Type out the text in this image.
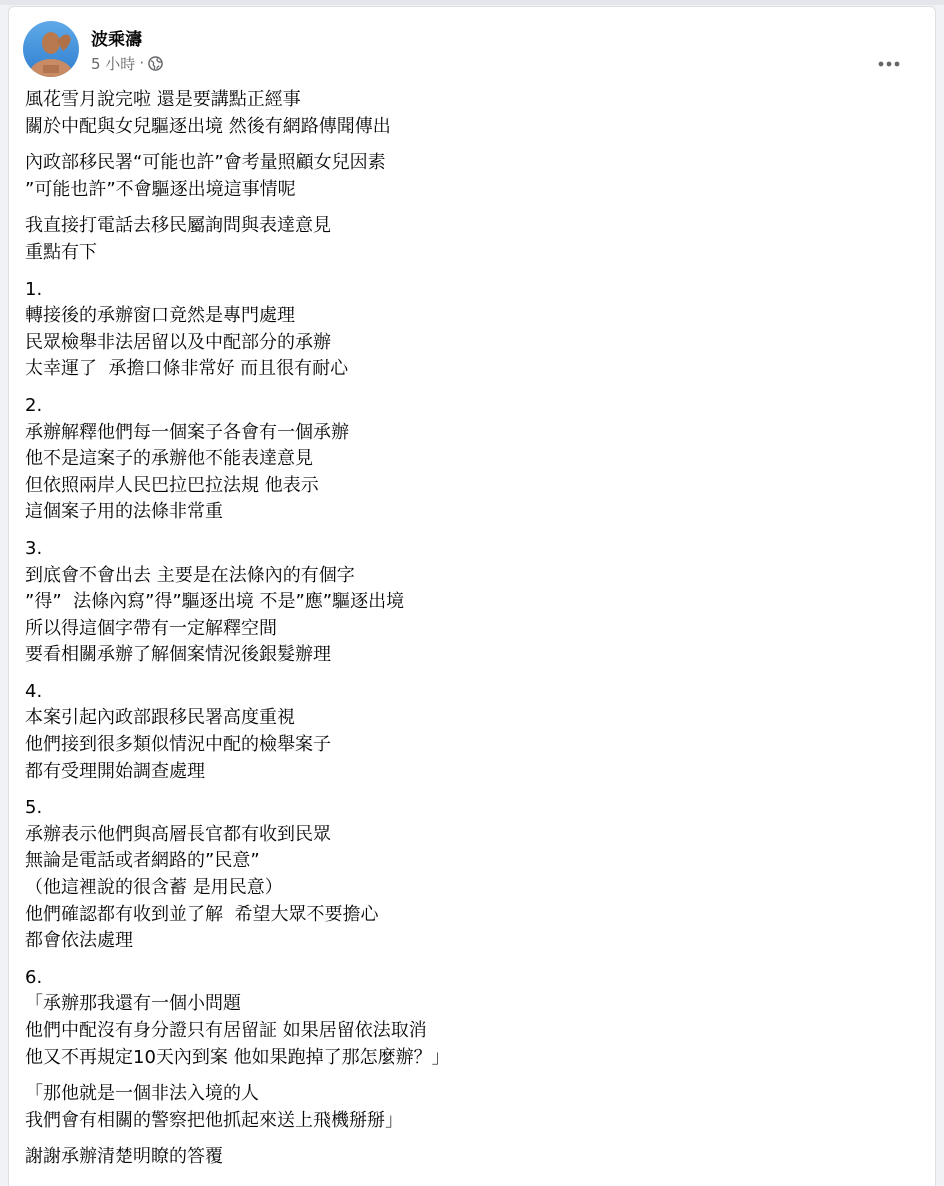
波乘濤
5 小時 ·
風花雪月說完啦 還是要講點正經事
關於中配與女兒驅逐出境 然後有網路傳聞傳出
內政部移民署“可能也許”會考量照顧女兒因素
”可能也許”不會驅逐出境這事情呢
我直接打電話去移民屬詢問與表達意見
重點有下
1.
轉接後的承辦窗口竟然是專門處理
民眾檢舉非法居留以及中配部分的承辦
太幸運了  承擔口條非常好 而且很有耐心
2.
承辦解釋他們每一個案子各會有一個承辦
他不是這案子的承辦他不能表達意見
但依照兩岸人民巴拉巴拉法規 他表示
這個案子用的法條非常重
3.
到底會不會出去 主要是在法條內的有個字
”得”  法條內寫”得”驅逐出境 不是”應”驅逐出境
所以得這個字帶有一定解釋空間
要看相關承辦了解個案情況後銀髮辦理
4.
本案引起內政部跟移民署高度重視
他們接到很多類似情況中配的檢舉案子
都有受理開始調查處理
5.
承辦表示他們與高層長官都有收到民眾
無論是電話或者網路的”民意”
（他這裡說的很含蓄 是用民意）
他們確認都有收到並了解  希望大眾不要擔心
都會依法處理
6.
「承辦那我還有一個小問題
他們中配沒有身分證只有居留証 如果居留依法取消
他又不再規定10天內到案 他如果跑掉了那怎麼辦？」
「那他就是一個非法入境的人
我們會有相關的警察把他抓起來送上飛機掰掰」
謝謝承辦清楚明瞭的答覆
